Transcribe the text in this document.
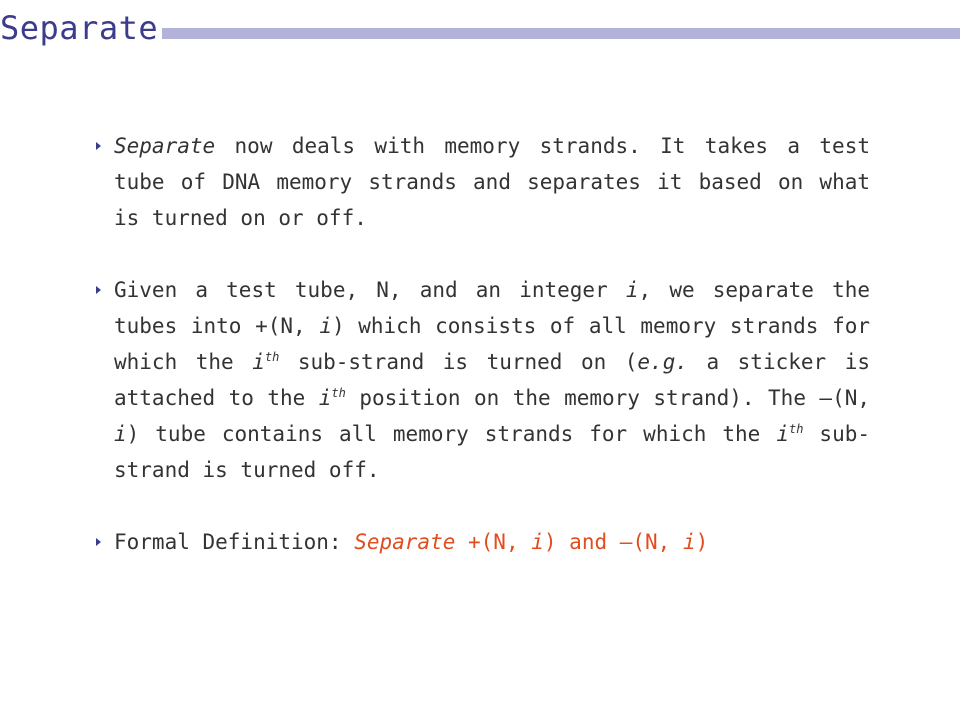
Separate

Separate now deals with memory strands. It takes a test tube of DNA memory strands and separates it based on what is turned on or off.

Given a test tube, N, and an integer i, we separate the tubes into +(N, i) which consists of all memory strands for which the $i^{th}$ sub-strand is turned on (e.g. a sticker is attached to the $i^{th}$ position on the memory strand). The –(N, i) tube contains all memory strands for which the $i^{th}$ sub-strand is turned off.

Formal Definition: Separate +(N, i) and –(N, i)
